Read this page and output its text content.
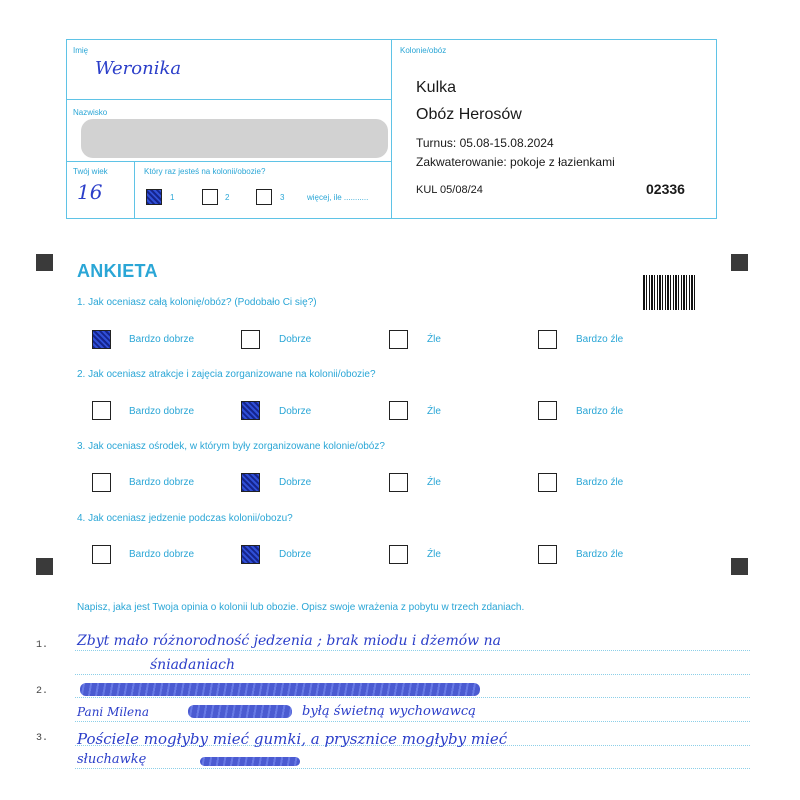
Imię
Weronika
Nazwisko
Twój wiek
16
Który raz jesteś na kolonii/obozie?
1	2	3	więcej, ile ...........
Kolonie/obóz
Kulka
Obóz Herosów
Turnus: 05.08-15.08.2024
Zakwaterowanie: pokoje z łazienkami
KUL 05/08/24	02336
ANKIETA
1. Jak oceniasz całą kolonię/obóz? (Podobało Ci się?)
Bardzo dobrze	Dobrze	Źle	Bardzo źle
2. Jak oceniasz atrakcje i zajęcia zorganizowane na kolonii/obozie?
Bardzo dobrze	Dobrze	Źle	Bardzo źle
3. Jak oceniasz ośrodek, w którym były zorganizowane kolonie/obóz?
Bardzo dobrze	Dobrze	Źle	Bardzo źle
4. Jak oceniasz jedzenie podczas kolonii/obozu?
Bardzo dobrze	Dobrze	Źle	Bardzo źle
Napisz, jaka jest Twoja opinia o kolonii lub obozie. Opisz swoje wrażenia z pobytu w trzech zdaniach.
1.
2.
3.
Zbyt mało różnorodność jedzenia ; brak miodu i dżemów na
śniadaniach
Pani Milena	byłą świetną wychowawcą
Pościele mogłyby mieć gumki, a prysznice mogłyby mieć
słuchawkę
